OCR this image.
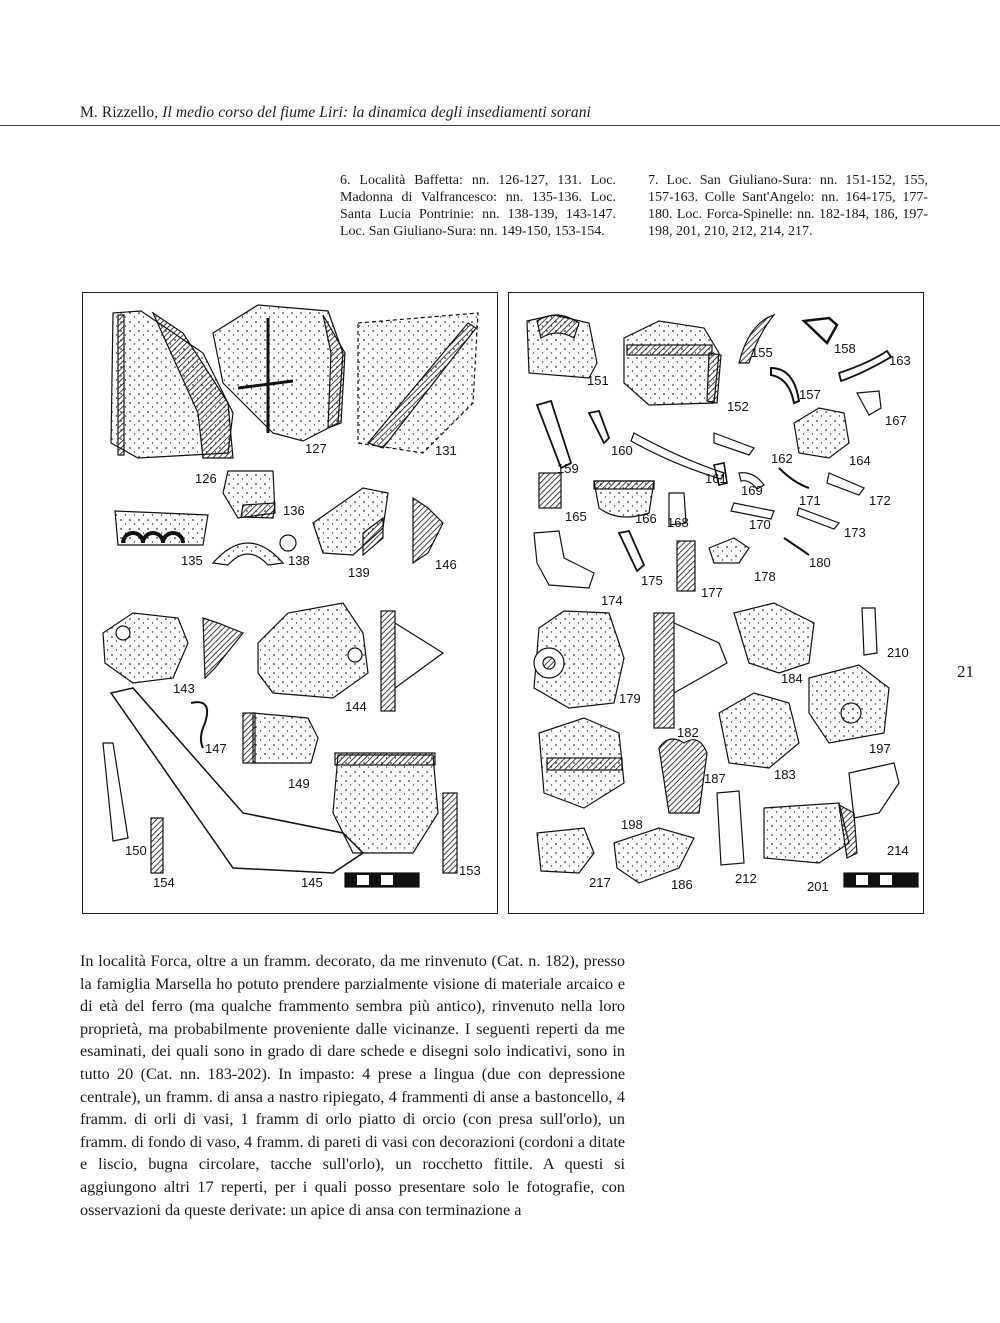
M. Rizzello, Il medio corso del fiume Liri: la dinamica degli insediamenti sorani
6. Località Baffetta: nn. 126-127, 131. Loc. Madonna di Valfrancesco: nn. 135-136. Loc. Santa Lucia Pontrinie: nn. 138-139, 143-147. Loc. San Giuliano-Sura: nn. 149-150, 153-154.
7. Loc. San Giuliano-Sura: nn. 151-152, 155, 157-163. Colle Sant'Angelo: nn. 164-175, 177-180. Loc. Forca-Spinelle: nn. 182-184, 186, 197-198, 201, 210, 212, 214, 217.
126
127	131
136
135	138
139
146
143
144
147
149
150
154	145
153
151
152
155	158
163
157
167
160
159
162	164
161
169
171	172
165	166 168	170
173
174
175
177
178
180
210
184
179
182
197
187	183
198
214
217	186	212
201
21

In località Forca, oltre a un framm. decorato, da me rinvenuto (Cat. n. 182), presso la famiglia Marsella ho potuto prendere parzialmente visione di materiale arcaico e di età del ferro (ma qualche frammento sembra più antico), rinvenuto nella loro proprietà, ma probabilmente proveniente dalle vicinanze. I seguenti reperti da me esaminati, dei quali sono in grado di dare schede e disegni solo indicativi, sono in tutto 20 (Cat. nn. 183-202). In impasto: 4 prese a lingua (due con depressione centrale), un framm. di ansa a nastro ripiegato, 4 frammenti di anse a bastoncello, 4 framm. di orli di vasi, 1 framm di orlo piatto di orcio (con presa sull'orlo), un framm. di fondo di vaso, 4 framm. di pareti di vasi con decorazioni (cordoni a ditate e liscio, bugna circolare, tacche sull'orlo), un rocchetto fittile. A questi si aggiungono altri 17 reperti, per i quali posso presentare solo le fotografie, con osservazioni da queste derivate: un apice di ansa con terminazione a
